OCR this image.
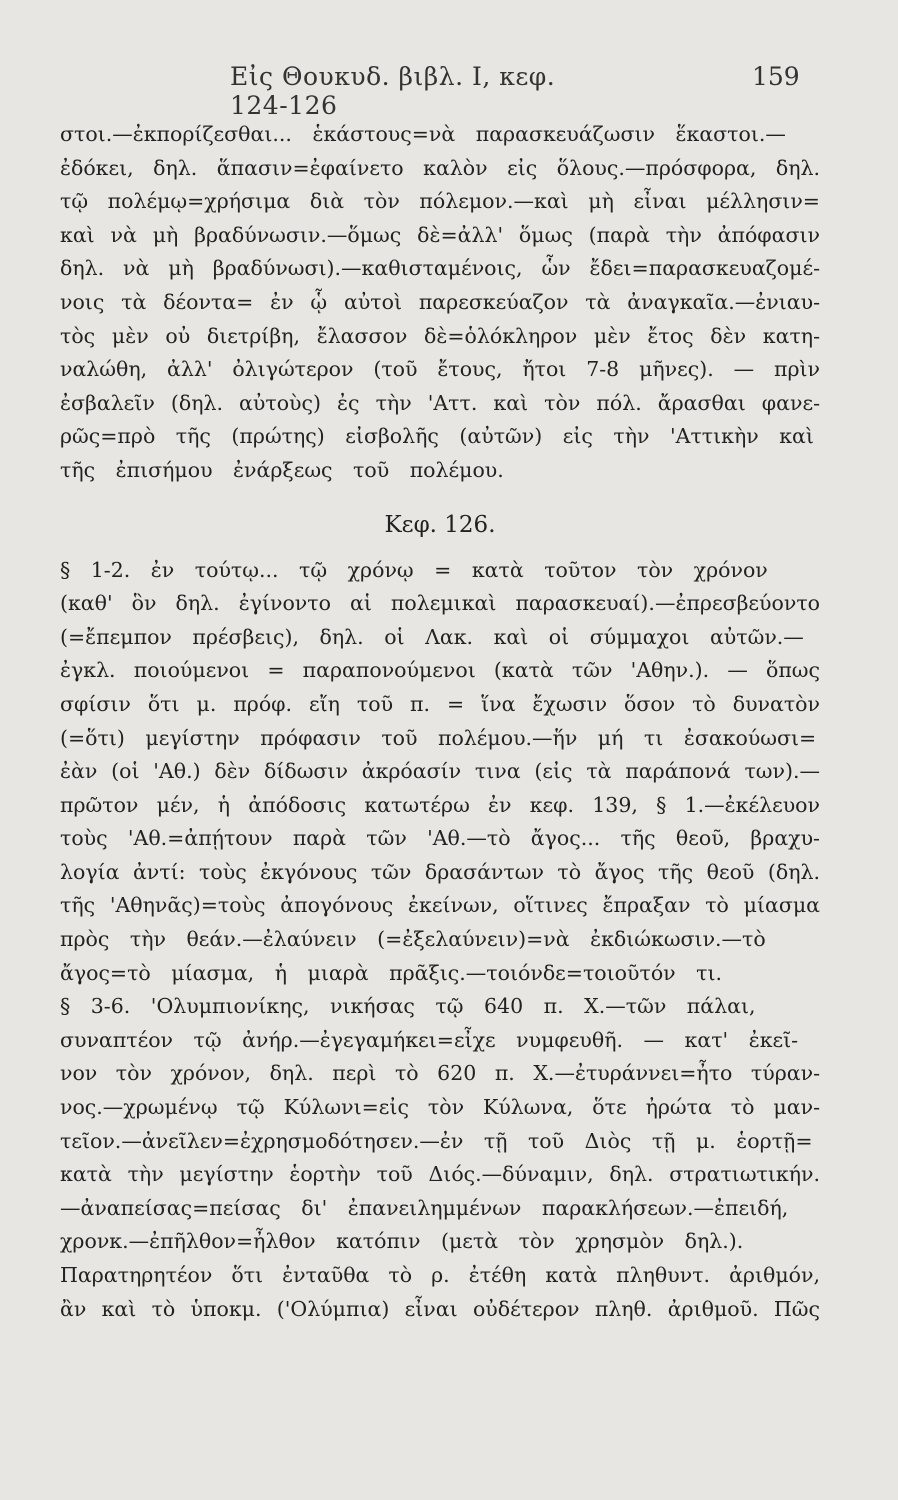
Εἰς Θουκυδ. βιβλ. Ι, κεφ. 124-126
159
στοι.—ἐκπορίζεσθαι... ἑκάστους=νὰ παρασκευάζωσιν ἕκαστοι.—
ἐδόκει, δηλ. ἅπασιν=ἐφαίνετο καλὸν εἰς ὅλους.—πρόσφορα, δηλ.
τῷ πολέμῳ=χρήσιμα διὰ τὸν πόλεμον.—καὶ μὴ εἶναι μέλλησιν=
καὶ νὰ μὴ βραδύνωσιν.—ὅμως δὲ=ἀλλ' ὅμως (παρὰ τὴν ἀπόφασιν
δηλ. νὰ μὴ βραδύνωσι).—καθισταμένοις, ὧν ἔδει=παρασκευαζομέ-
νοις τὰ δέοντα= ἐν ᾧ αὐτοὶ παρεσκεύαζον τὰ ἀναγκαῖα.—ἐνιαυ-
τὸς μὲν οὐ διετρίβη, ἔλασσον δὲ=ὁλόκληρον μὲν ἔτος δὲν κατη-
ναλώθη, ἀλλ' ὀλιγώτερον (τοῦ ἔτους, ἤτοι 7-8 μῆνες). — πρὶν
ἐσβαλεῖν (δηλ. αὐτοὺς) ἐς τὴν 'Αττ. καὶ τὸν πόλ. ἄρασθαι φανε-
ρῶς=πρὸ τῆς (πρώτης) εἰσβολῆς (αὐτῶν) εἰς τὴν 'Αττικὴν καὶ
τῆς ἐπισήμου ἐνάρξεως τοῦ πολέμου.
Κεφ. 126.
§ 1-2. ἐν τούτῳ... τῷ χρόνῳ = κατὰ τοῦτον τὸν χρόνον
(καθ' ὃν δηλ. ἐγίνοντο αἱ πολεμικαὶ παρασκευαί).—ἐπρεσβεύοντο
(=ἔπεμπον πρέσβεις), δηλ. οἱ Λακ. καὶ οἱ σύμμαχοι αὐτῶν.—
ἐγκλ. ποιούμενοι = παραπονούμενοι (κατὰ τῶν 'Αθην.). — ὅπως
σφίσιν ὅτι μ. πρόφ. εἴη τοῦ π. = ἵνα ἔχωσιν ὅσον τὸ δυνατὸν
(=ὅτι) μεγίστην πρόφασιν τοῦ πολέμου.—ἥν μή τι ἐσακούωσι=
ἐὰν (οἱ 'Αθ.) δὲν δίδωσιν ἀκρόασίν τινα (εἰς τὰ παράπονά των).—
πρῶτον μέν, ἡ ἀπόδοσις κατωτέρω ἐν κεφ. 139, § 1.—ἐκέλευον
τοὺς 'Αθ.=ἀπῄτουν παρὰ τῶν 'Αθ.—τὸ ἄγος... τῆς θεοῦ, βραχυ-
λογία ἀντί: τοὺς ἐκγόνους τῶν δρασάντων τὸ ἄγος τῆς θεοῦ (δηλ.
τῆς 'Αθηνᾶς)=τοὺς ἀπογόνους ἐκείνων, οἵτινες ἔπραξαν τὸ μίασμα
πρὸς τὴν θεάν.—ἐλαύνειν (=ἐξελαύνειν)=νὰ ἐκδιώκωσιν.—τὸ
ἄγος=τὸ μίασμα, ἡ μιαρὰ πρᾶξις.—τοιόνδε=τοιοῦτόν τι.
§ 3-6. 'Ολυμπιονίκης, νικήσας τῷ 640 π. Χ.—τῶν πάλαι,
συναπτέον τῷ ἀνήρ.—ἐγεγαμήκει=εἶχε νυμφευθῆ. — κατ' ἐκεῖ-
νον τὸν χρόνον, δηλ. περὶ τὸ 620 π. Χ.—ἐτυράννει=ἦτο τύραν-
νος.—χρωμένῳ τῷ Κύλωνι=εἰς τὸν Κύλωνα, ὅτε ἠρώτα τὸ μαν-
τεῖον.—ἀνεῖλεν=ἐχρησμοδότησεν.—ἐν τῇ τοῦ Διὸς τῇ μ. ἑορτῇ=
κατὰ τὴν μεγίστην ἑορτὴν τοῦ Διός.—δύναμιν, δηλ. στρατιωτικήν.
—ἀναπείσας=πείσας δι' ἐπανειλημμένων παρακλήσεων.—ἐπειδή,
χρονκ.—ἐπῆλθον=ἦλθον κατόπιν (μετὰ τὸν χρησμὸν δηλ.).
Παρατηρητέον ὅτι ἐνταῦθα τὸ ρ. ἐτέθη κατὰ πληθυντ. ἀριθμόν,
ἂν καὶ τὸ ὑποκμ. ('Ολύμπια) εἶναι οὐδέτερον πληθ. ἀριθμοῦ. Πῶς
